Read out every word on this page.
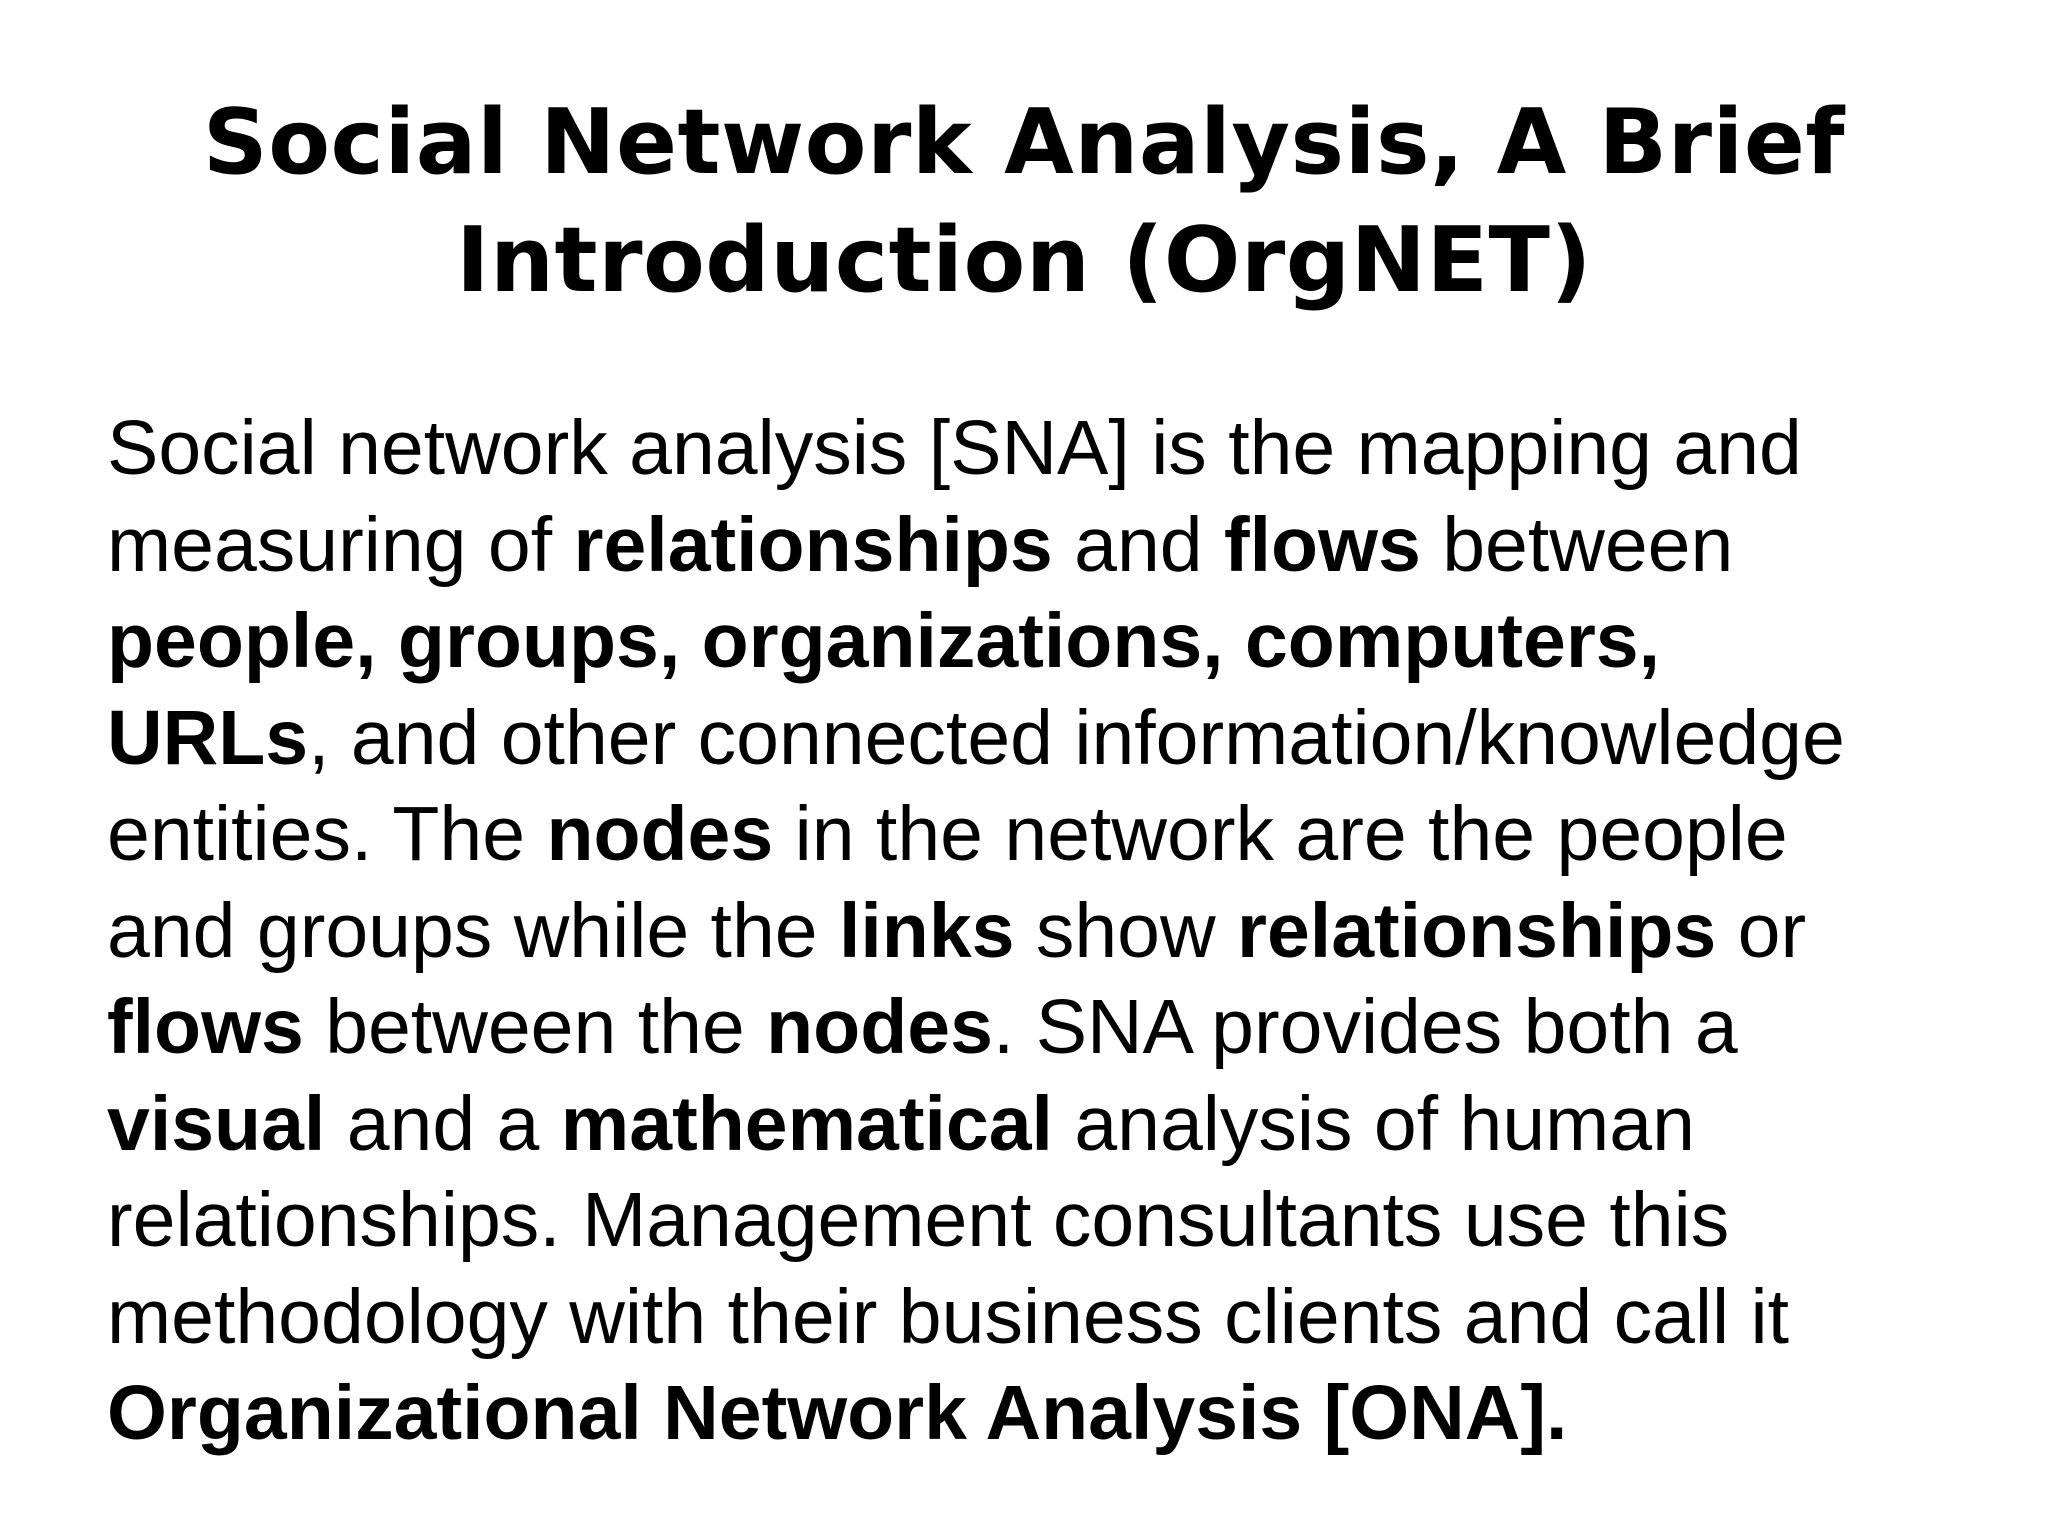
Social Network Analysis, A Brief
Introduction (OrgNET)
Social network analysis [SNA] is the mapping and
measuring of relationships and flows between
people, groups, organizations, computers,
URLs, and other connected information/knowledge
entities. The nodes in the network are the people
and groups while the links show relationships or
flows between the nodes. SNA provides both a
visual and a mathematical analysis of human
relationships. Management consultants use this
methodology with their business clients and call it
Organizational Network Analysis [ONA].
